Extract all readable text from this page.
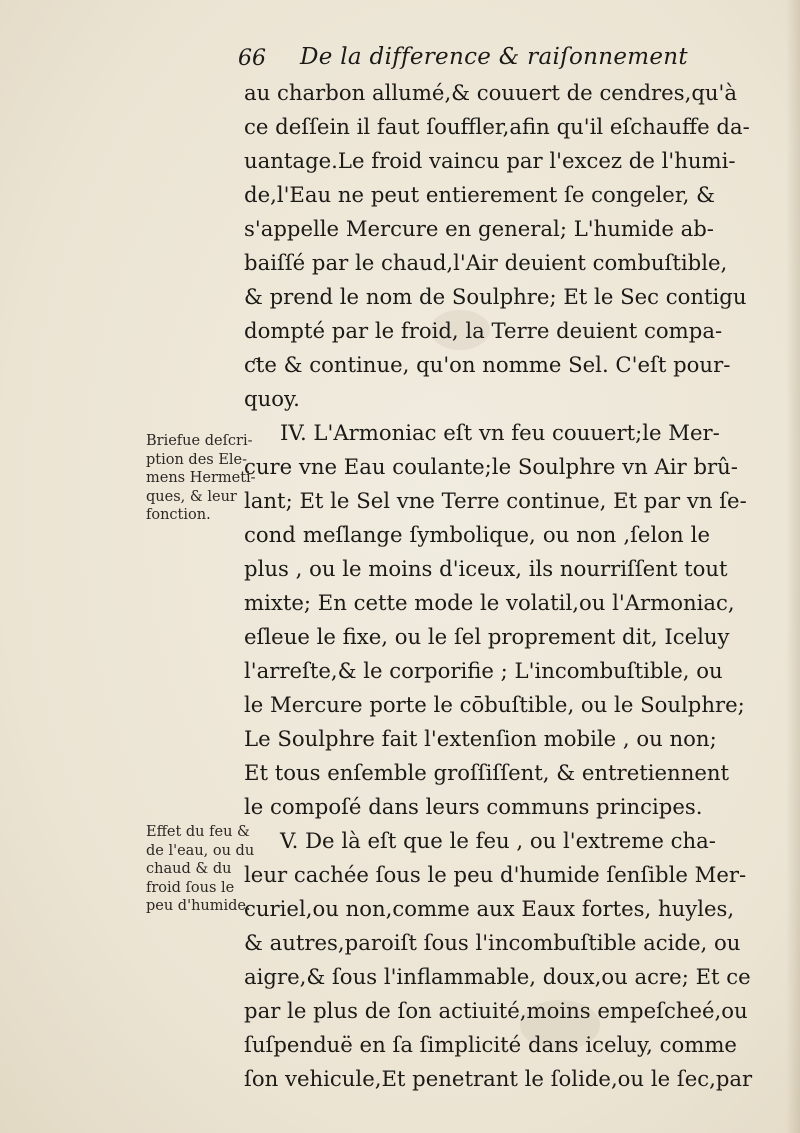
66 De la difference & raiſonnement
au charbon allumé,& couuert de cendres,qu'à
ce deſſein il faut ſouffler,afin qu'il eſchauffe da-
uantage.Le froid vaincu par l'excez de l'humi-
de,l'Eau ne peut entierement ſe congeler, &
s'appelle Mercure en general; L'humide ab-
baiſſé par le chaud,l'Air deuient combuſtible,
& prend le nom de Soulphre; Et le Sec contigu
dompté par le froid, la Terre deuient compa-
ƈte & continue, qu'on nomme Sel. C'eſt pour-
quoy.
IV. L'Armoniac eſt vn feu couuert;le Mer-
cure vne Eau coulante;le Soulphre vn Air brû-
lant; Et le Sel vne Terre continue, Et par vn ſe-
cond meſlange ſymbolique, ou non ,ſelon le
plus , ou le moins d'iceux, ils nourriſſent tout
mixte; En cette mode le volatil,ou l'Armoniac,
eſleue le fixe, ou le ſel proprement dit, Iceluy
l'arreſte,& le corporifie ; L'incombuſtible, ou
le Mercure porte le cōbuſtible, ou le Soulphre;
Le Soulphre fait l'extenſion mobile , ou non;
Et tous enſemble groſſiſſent, & entretiennent
le compoſé dans leurs communs principes.
V. De là eſt que le feu , ou l'extreme cha-
leur cachée ſous le peu d'humide ſenſible Mer-
curiel,ou non,comme aux Eaux fortes, huyles,
& autres,paroiſt ſous l'incombuſtible acide, ou
aigre,& ſous l'inflammable, doux,ou acre; Et ce
par le plus de ſon actiuité,moins empeſcheé,ou
ſuſpenduë en ſa ſimplicité dans iceluy, comme
ſon vehicule,Et penetrant le ſolide,ou le ſec,par
Briefue deſcri-
ption des Ele-
mens Hermeti-
ques, & leur
fonction.
Effet du feu &
de l'eau, ou du
chaud & du
froid ſous le
peu d'humide.
